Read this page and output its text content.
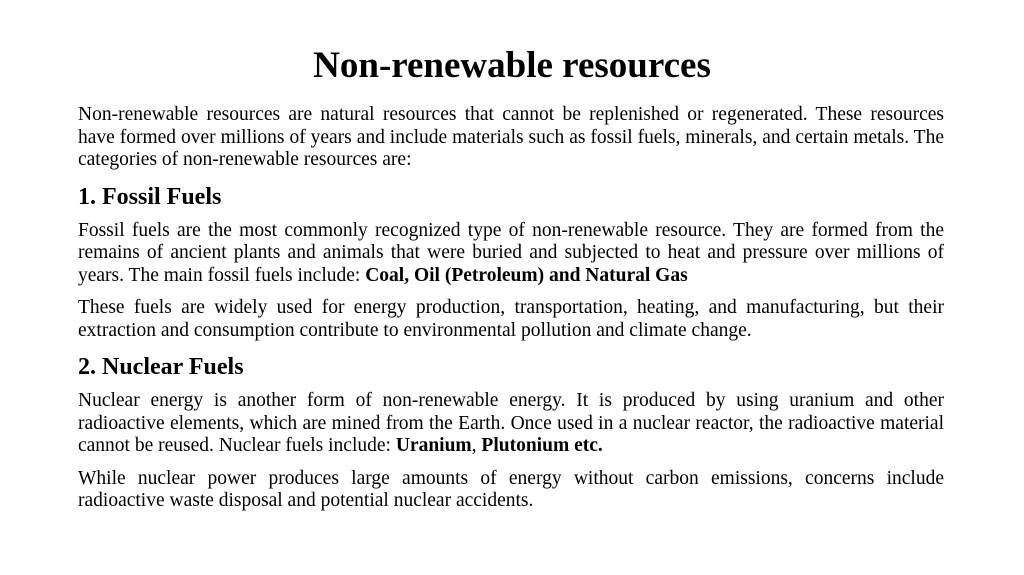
Non-renewable resources

Non-renewable resources are natural resources that cannot be replenished or regenerated. These resources have formed over millions of years and include materials such as fossil fuels, minerals, and certain metals. The categories of non-renewable resources are:

1. Fossil Fuels

Fossil fuels are the most commonly recognized type of non-renewable resource. They are formed from the remains of ancient plants and animals that were buried and subjected to heat and pressure over millions of years. The main fossil fuels include: Coal, Oil (Petroleum) and Natural Gas

These fuels are widely used for energy production, transportation, heating, and manufacturing, but their extraction and consumption contribute to environmental pollution and climate change.

2. Nuclear Fuels

Nuclear energy is another form of non-renewable energy. It is produced by using uranium and other radioactive elements, which are mined from the Earth. Once used in a nuclear reactor, the radioactive material cannot be reused. Nuclear fuels include: Uranium, Plutonium etc.

While nuclear power produces large amounts of energy without carbon emissions, concerns include radioactive waste disposal and potential nuclear accidents.
